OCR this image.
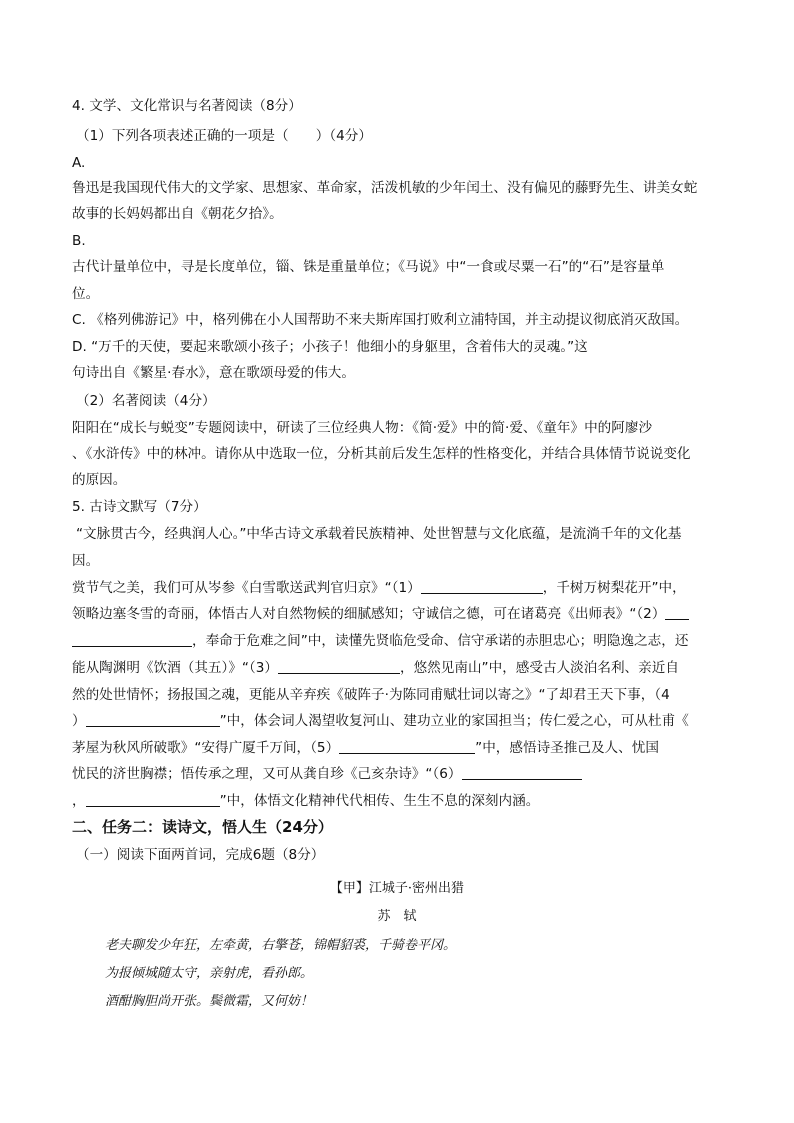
4. 文学、文化常识与名著阅读（8分）
（1）下列各项表述正确的一项是（　　）（4分）
A.
鲁迅是我国现代伟大的文学家、思想家、革命家，活泼机敏的少年闰土、没有偏见的藤野先生、讲美女蛇
故事的长妈妈都出自《朝花夕拾》。
B.
古代计量单位中，寻是长度单位，锱、铢是重量单位；《马说》中“一食或尽粟一石”的“石”是容量单
位。
C. 《格列佛游记》中，格列佛在小人国帮助不来夫斯库国打败利立浦特国，并主动提议彻底消灭敌国。
D. “万千的天使，要起来歌颂小孩子；小孩子！他细小的身躯里，含着伟大的灵魂。”这
句诗出自《繁星·春水》，意在歌颂母爱的伟大。
（2）名著阅读（4分）
阳阳在“成长与蜕变”专题阅读中，研读了三位经典人物：《简·爱》中的简·爱、《童年》中的阿廖沙
、《水浒传》中的林冲。请你从中选取一位，分析其前后发生怎样的性格变化，并结合具体情节说说变化
的原因。
5. 古诗文默写（7分）
“文脉贯古今，经典润人心。”中华古诗文承载着民族精神、处世智慧与文化底蕴，是流淌千年的文化基
因。
赏节气之美，我们可从岑参《白雪歌送武判官归京》“（1）	，千树万树梨花开”中，
领略边塞冬雪的奇丽，体悟古人对自然物候的细腻感知；守诚信之德，可在诸葛亮《出师表》“（2）
，奉命于危难之间”中，读懂先贤临危受命、信守承诺的赤胆忠心；明隐逸之志，还
能从陶渊明《饮酒（其五）》“（3）	，悠然见南山”中，感受古人淡泊名利、亲近自
然的处世情怀；扬报国之魂，更能从辛弃疾《破阵子·为陈同甫赋壮词以寄之》“了却君王天下事，（4
）	”中，体会词人渴望收复河山、建功立业的家国担当；传仁爱之心，可从杜甫《
茅屋为秋风所破歌》“安得广厦千万间，（5）	”中，感悟诗圣推己及人、忧国
忧民的济世胸襟；悟传承之理，又可从龚自珍《己亥杂诗》“（6）
，	”中，体悟文化精神代代相传、生生不息的深刻内涵。
二、任务二：读诗文，悟人生（24分）
（一）阅读下面两首词，完成6题（8分）
【甲】江城子·密州出猎
苏　轼
老夫聊发少年狂，左牵黄，右擎苍，锦帽貂裘，千骑卷平冈。
为报倾城随太守，亲射虎，看孙郎。
酒酣胸胆尚开张。鬓微霜，又何妨！
